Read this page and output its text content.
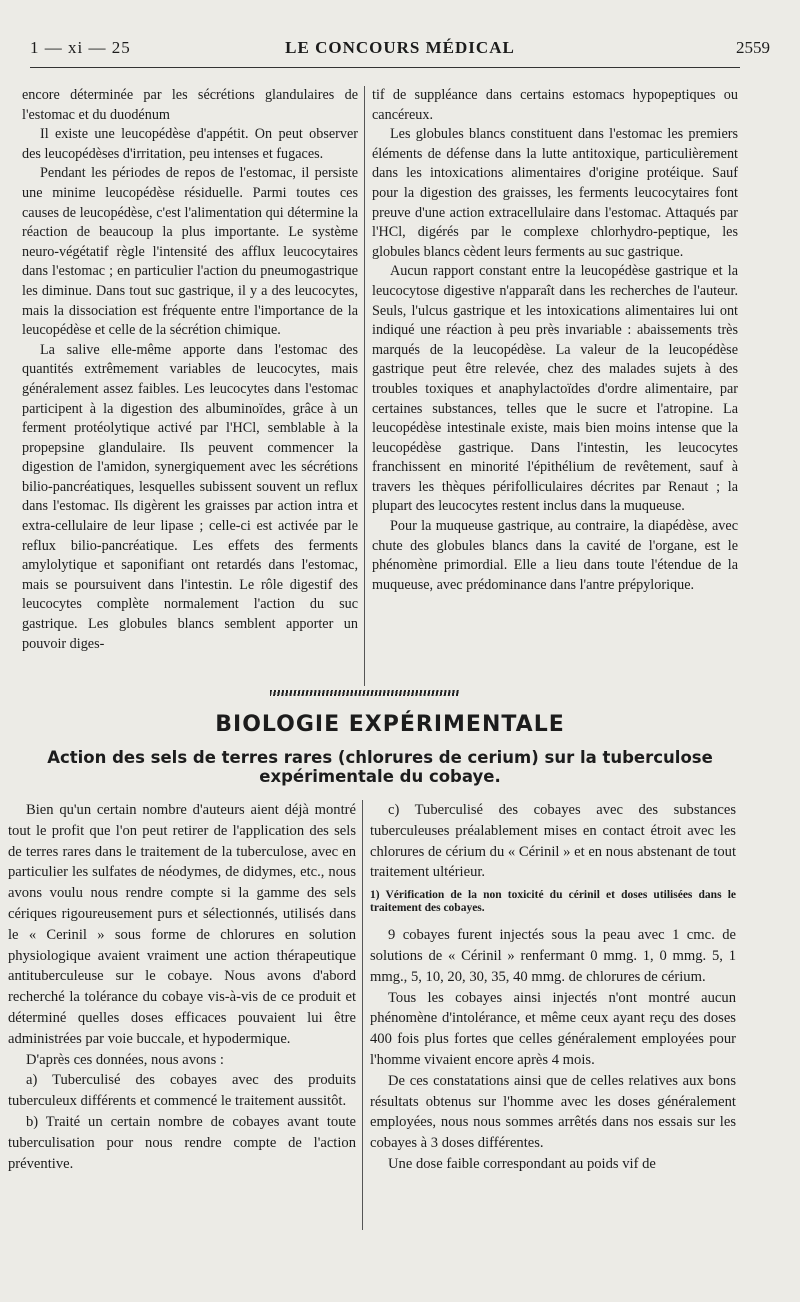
1 — xi — 25	LE CONCOURS MÉDICAL	2559

encore déterminée par les sécrétions glandulaires de l'estomac et du duodénum

Il existe une leucopédèse d'appétit. On peut observer des leucopédèses d'irritation, peu intenses et fugaces.

Pendant les périodes de repos de l'estomac, il persiste une minime leucopédèse résiduelle. Parmi toutes ces causes de leucopédèse, c'est l'alimentation qui détermine la réaction de beaucoup la plus importante. Le système neuro-végétatif règle l'intensité des afflux leucocytaires dans l'estomac ; en particulier l'action du pneumogastrique les diminue. Dans tout suc gastrique, il y a des leucocytes, mais la dissociation est fréquente entre l'importance de la leucopédèse et celle de la sécrétion chimique.

La salive elle-même apporte dans l'estomac des quantités extrêmement variables de leucocytes, mais généralement assez faibles. Les leucocytes dans l'estomac participent à la digestion des albuminoïdes, grâce à un ferment protéolytique activé par l'HCl, semblable à la propepsine glandulaire. Ils peuvent commencer la digestion de l'amidon, synergiquement avec les sécrétions bilio-pancréatiques, lesquelles subissent souvent un reflux dans l'estomac. Ils digèrent les graisses par action intra et extra-cellulaire de leur lipase ; celle-ci est activée par le reflux bilio-pancréatique. Les effets des ferments amylolytique et saponifiant ont retardés dans l'estomac, mais se poursuivent dans l'intestin. Le rôle digestif des leucocytes complète normalement l'action du suc gastrique. Les globules blancs semblent apporter un pouvoir diges-

tif de suppléance dans certains estomacs hypopeptiques ou cancéreux.

Les globules blancs constituent dans l'estomac les premiers éléments de défense dans la lutte antitoxique, particulièrement dans les intoxications alimentaires d'origine protéique. Sauf pour la digestion des graisses, les ferments leucocytaires font preuve d'une action extracellulaire dans l'estomac. Attaqués par l'HCl, digérés par le complexe chlorhydro-peptique, les globules blancs cèdent leurs ferments au suc gastrique.

Aucun rapport constant entre la leucopédèse gastrique et la leucocytose digestive n'apparaît dans les recherches de l'auteur. Seuls, l'ulcus gastrique et les intoxications alimentaires lui ont indiqué une réaction à peu près invariable : abaissements très marqués de la leucopédèse. La valeur de la leucopédèse gastrique peut être relevée, chez des malades sujets à des troubles toxiques et anaphylactoïdes d'ordre alimentaire, par certaines substances, telles que le sucre et l'atropine. La leucopédèse intestinale existe, mais bien moins intense que la leucopédèse gastrique. Dans l'intestin, les leucocytes franchissent en minorité l'épithélium de revêtement, sauf à travers les thèques périfolliculaires décrites par Renaut ; la plupart des leucocytes restent inclus dans la muqueuse.

Pour la muqueuse gastrique, au contraire, la diapédèse, avec chute des globules blancs dans la cavité de l'organe, est le phénomène primordial. Elle a lieu dans toute l'étendue de la muqueuse, avec prédominance dans l'antre prépylorique.

BIOLOGIE EXPÉRIMENTALE
Action des sels de terres rares (chlorures de cerium) sur la tuberculose expérimentale du cobaye.

Bien qu'un certain nombre d'auteurs aient déjà montré tout le profit que l'on peut retirer de l'application des sels de terres rares dans le traitement de la tuberculose, avec en particulier les sulfates de néodymes, de didymes, etc., nous avons voulu nous rendre compte si la gamme des sels cériques rigoureusement purs et sélectionnés, utilisés dans le « Cerinil » sous forme de chlorures en solution physiologique avaient vraiment une action thérapeutique antituberculeuse sur le cobaye. Nous avons d'abord recherché la tolérance du cobaye vis-à-vis de ce produit et déterminé quelles doses efficaces pouvaient lui être administrées par voie buccale, et hypodermique.

D'après ces données, nous avons :

a) Tuberculisé des cobayes avec des produits tuberculeux différents et commencé le traitement aussitôt.

b) Traité un certain nombre de cobayes avant toute tuberculisation pour nous rendre compte de l'action préventive.

c) Tuberculisé des cobayes avec des substances tuberculeuses préalablement mises en contact étroit avec les chlorures de cérium du « Cérinil » et en nous abstenant de tout traitement ultérieur.

1) Vérification de la non toxicité du cérinil et doses utilisées dans le traitement des cobayes.

9 cobayes furent injectés sous la peau avec 1 cmc. de solutions de « Cérinil » renfermant 0 mmg. 1, 0 mmg. 5, 1 mmg., 5, 10, 20, 30, 35, 40 mmg. de chlorures de cérium.

Tous les cobayes ainsi injectés n'ont montré aucun phénomène d'intolérance, et même ceux ayant reçu des doses 400 fois plus fortes que celles généralement employées pour l'homme vivaient encore après 4 mois.

De ces constatations ainsi que de celles relatives aux bons résultats obtenus sur l'homme avec les doses généralement employées, nous nous sommes arrêtés dans nos essais sur les cobayes à 3 doses différentes.

Une dose faible correspondant au poids vif de
